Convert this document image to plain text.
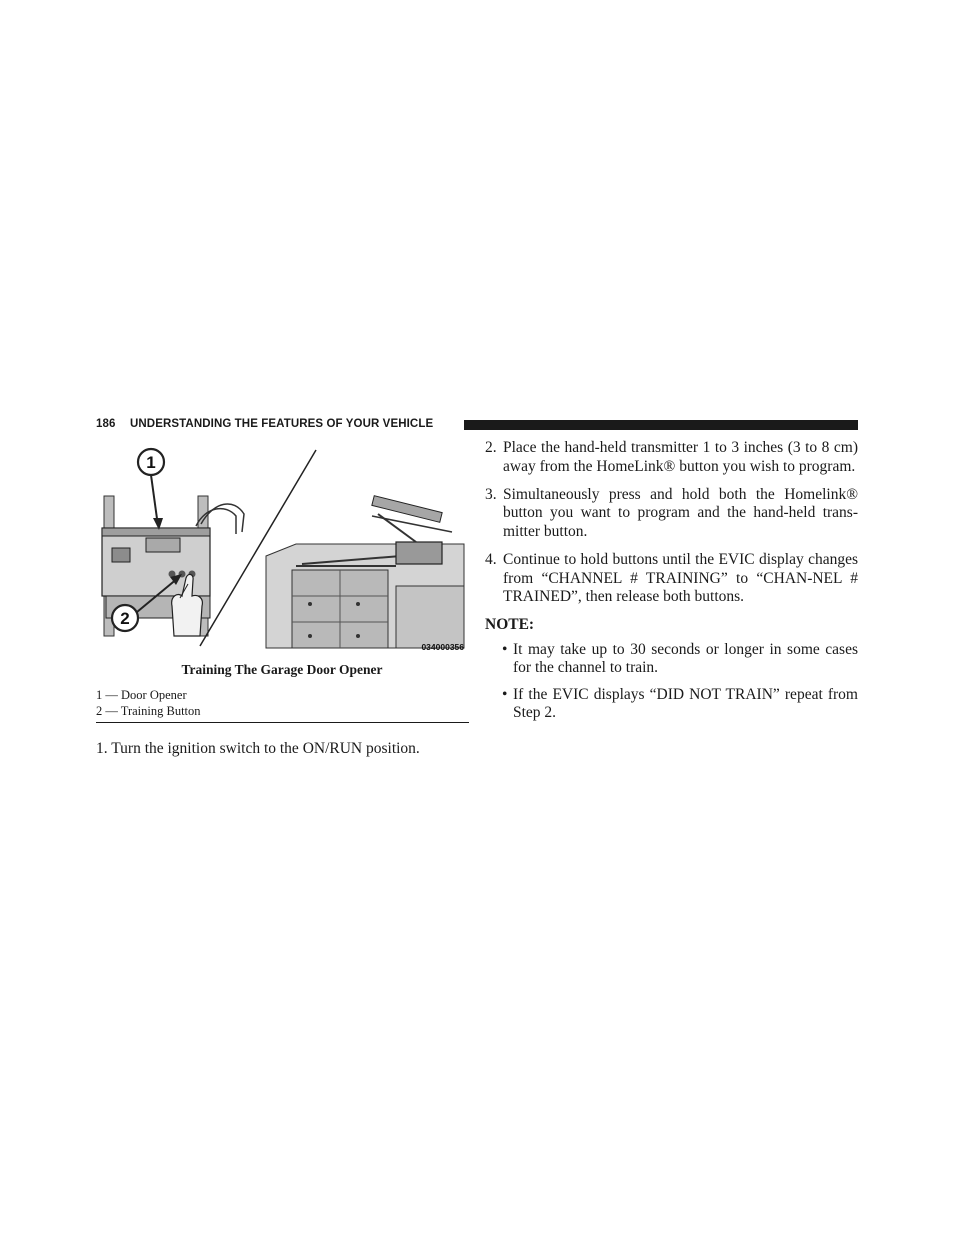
186 UNDERSTANDING THE FEATURES OF YOUR VEHICLE
1
2
034000356
Training The Garage Door Opener
1 — Door Opener
2 — Training Button
1. Turn the ignition switch to the ON/RUN position.
2. Place the hand-held transmitter 1 to 3 inches (3 to 8 cm) away from the HomeLink® button you wish to program.
3. Simultaneously press and hold both the Homelink® button you want to program and the hand-held trans-mitter button.
4. Continue to hold buttons until the EVIC display changes from “CHANNEL # TRAINING” to “CHAN-NEL # TRAINED”, then release both buttons.
NOTE:
• It may take up to 30 seconds or longer in some cases for the channel to train.
• If the EVIC displays “DID NOT TRAIN” repeat from Step 2.
